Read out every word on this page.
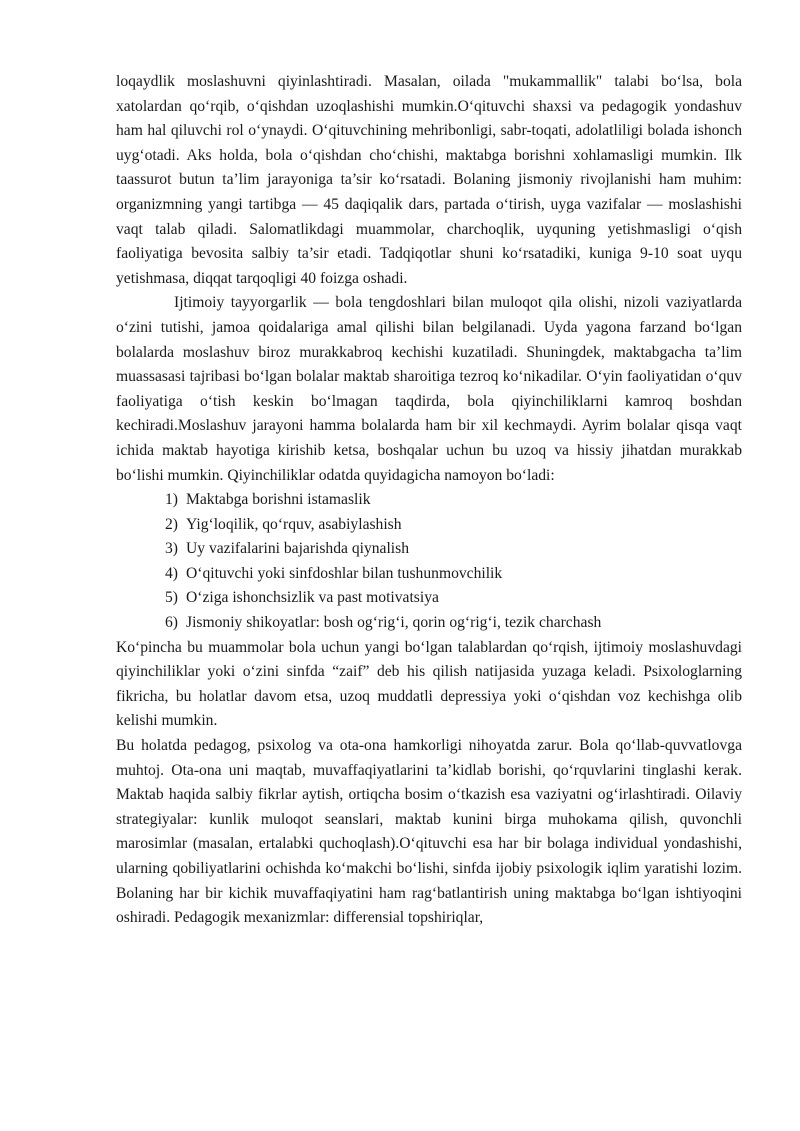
loqaydlik moslashuvni qiyinlashtiradi. Masalan, oilada "mukammallik" talabi bo‘lsa, bola xatolardan qo‘rqib, o‘qishdan uzoqlashishi mumkin.O‘qituvchi shaxsi va pedagogik yondashuv ham hal qiluvchi rol o‘ynaydi. O‘qituvchining mehribonligi, sabr-toqati, adolatliligi bolada ishonch uyg‘otadi. Aks holda, bola o‘qishdan cho‘chishi, maktabga borishni xohlamasligi mumkin. Ilk taassurot butun ta’lim jarayoniga ta’sir ko‘rsatadi. Bolaning jismoniy rivojlanishi ham muhim: organizmning yangi tartibga — 45 daqiqalik dars, partada o‘tirish, uyga vazifalar — moslashishi vaqt talab qiladi. Salomatlikdagi muammolar, charchoqlik, uyquning yetishmasligi o‘qish faoliyatiga bevosita salbiy ta’sir etadi. Tadqiqotlar shuni ko‘rsatadiki, kuniga 9-10 soat uyqu yetishmasa, diqqat tarqoqligi 40 foizga oshadi.

Ijtimoiy tayyorgarlik — bola tengdoshlari bilan muloqot qila olishi, nizoli vaziyatlarda o‘zini tutishi, jamoa qoidalariga amal qilishi bilan belgilanadi. Uyda yagona farzand bo‘lgan bolalarda moslashuv biroz murakkabroq kechishi kuzatiladi. Shuningdek, maktabgacha ta’lim muassasasi tajribasi bo‘lgan bolalar maktab sharoitiga tezroq ko‘nikadilar. O‘yin faoliyatidan o‘quv faoliyatiga o‘tish keskin bo‘lmagan taqdirda, bola qiyinchiliklarni kamroq boshdan kechiradi.Moslashuv jarayoni hamma bolalarda ham bir xil kechmaydi. Ayrim bolalar qisqa vaqt ichida maktab hayotiga kirishib ketsa, boshqalar uchun bu uzoq va hissiy jihatdan murakkab bo‘lishi mumkin. Qiyinchiliklar odatda quyidagicha namoyon bo‘ladi:

1) Maktabga borishni istamaslik
2) Yig‘loqilik, qo‘rquv, asabiylashish
3) Uy vazifalarini bajarishda qiynalish
4) O‘qituvchi yoki sinfdoshlar bilan tushunmovchilik
5) O‘ziga ishonchsizlik va past motivatsiya
6) Jismoniy shikoyatlar: bosh og‘rig‘i, qorin og‘rig‘i, tezik charchash

Ko‘pincha bu muammolar bola uchun yangi bo‘lgan talablardan qo‘rqish, ijtimoiy moslashuvdagi qiyinchiliklar yoki o‘zini sinfda “zaif” deb his qilish natijasida yuzaga keladi. Psixologlarning fikricha, bu holatlar davom etsa, uzoq muddatli depressiya yoki o‘qishdan voz kechishga olib kelishi mumkin.

Bu holatda pedagog, psixolog va ota-ona hamkorligi nihoyatda zarur. Bola qo‘llab-quvvatlovga muhtoj. Ota-ona uni maqtab, muvaffaqiyatlarini ta’kidlab borishi, qo‘rquvlarini tinglashi kerak. Maktab haqida salbiy fikrlar aytish, ortiqcha bosim o‘tkazish esa vaziyatni og‘irlashtiradi. Oilaviy strategiyalar: kunlik muloqot seanslari, maktab kunini birga muhokama qilish, quvonchli marosimlar (masalan, ertalabki quchoqlash).O‘qituvchi esa har bir bolaga individual yondashishi, ularning qobiliyatlarini ochishda ko‘makchi bo‘lishi, sinfda ijobiy psixologik iqlim yaratishi lozim. Bolaning har bir kichik muvaffaqiyatini ham rag‘batlantirish uning maktabga bo‘lgan ishtiyoqini oshiradi. Pedagogik mexanizmlar: differensial topshiriqlar,
